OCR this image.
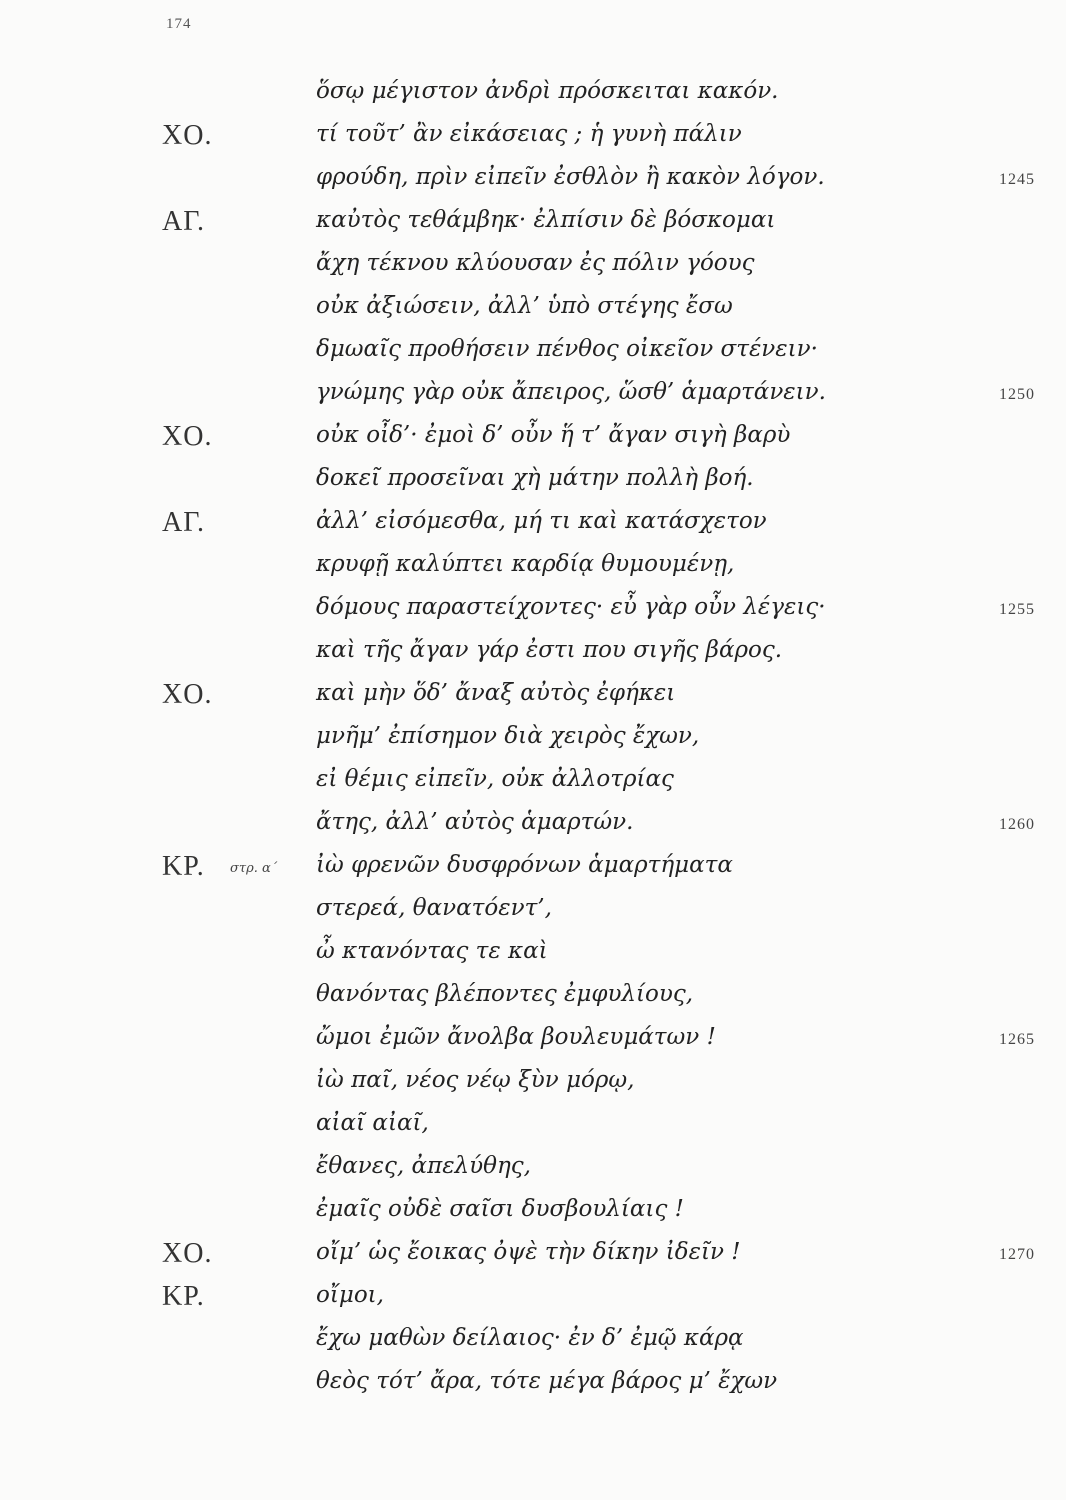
174
ὅσῳ μέγιστον ἀνδρὶ πρόσκειται κακόν.
ΧΟ.	τί τοῦτ’ ἂν εἰκάσειας ; ἡ γυνὴ πάλιν
φρούδη, πρὶν εἰπεῖν ἐσθλὸν ἢ κακὸν λόγον.	1245
ΑΓ.	καὐτὸς τεθάμβηκ· ἐλπίσιν δὲ βόσκομαι
ἄχη τέκνου κλύουσαν ἐς πόλιν γόους
οὐκ ἀξιώσειν, ἀλλ’ ὑπὸ στέγης ἔσω
δμωαῖς προθήσειν πένθος οἰκεῖον στένειν·
γνώμης γὰρ οὐκ ἄπειρος, ὥσθ’ ἁμαρτάνειν.	1250
ΧΟ.	οὐκ οἶδ’· ἐμοὶ δ’ οὖν ἥ τ’ ἄγαν σιγὴ βαρὺ
δοκεῖ προσεῖναι χὴ μάτην πολλὴ βοή.
ΑΓ.	ἀλλ’ εἰσόμεσθα, μή τι καὶ κατάσχετον
κρυφῇ καλύπτει καρδίᾳ θυμουμένῃ,
δόμους παραστείχοντες· εὖ γὰρ οὖν λέγεις·	1255
καὶ τῆς ἄγαν γάρ ἐστι που σιγῆς βάρος.
ΧΟ.	καὶ μὴν ὅδ’ ἄναξ αὐτὸς ἐφήκει
μνῆμ’ ἐπίσημον διὰ χειρὸς ἔχων,
εἰ θέμις εἰπεῖν, οὐκ ἀλλοτρίας
ἄτης, ἀλλ’ αὐτὸς ἁμαρτών.	1260
ΚΡ. στρ. α´ ἰὼ φρενῶν δυσφρόνων ἁμαρτήματα
στερεά, θανατόεντ’,
ὦ κτανόντας τε καὶ
θανόντας βλέποντες ἐμφυλίους,
ὤμοι ἐμῶν ἄνολβα βουλευμάτων !	1265
ἰὼ παῖ, νέος νέῳ ξὺν μόρῳ,
αἰαῖ αἰαῖ,
ἔθανες, ἀπελύθης,
ἐμαῖς οὐδὲ σαῖσι δυσβουλίαις !
ΧΟ.	οἴμ’ ὡς ἔοικας ὀψὲ τὴν δίκην ἰδεῖν !	1270
ΚΡ.	οἴμοι,
ἔχω μαθὼν δείλαιος· ἐν δ’ ἐμῷ κάρᾳ
θεὸς τότ’ ἄρα, τότε μέγα βάρος μ’ ἔχων
